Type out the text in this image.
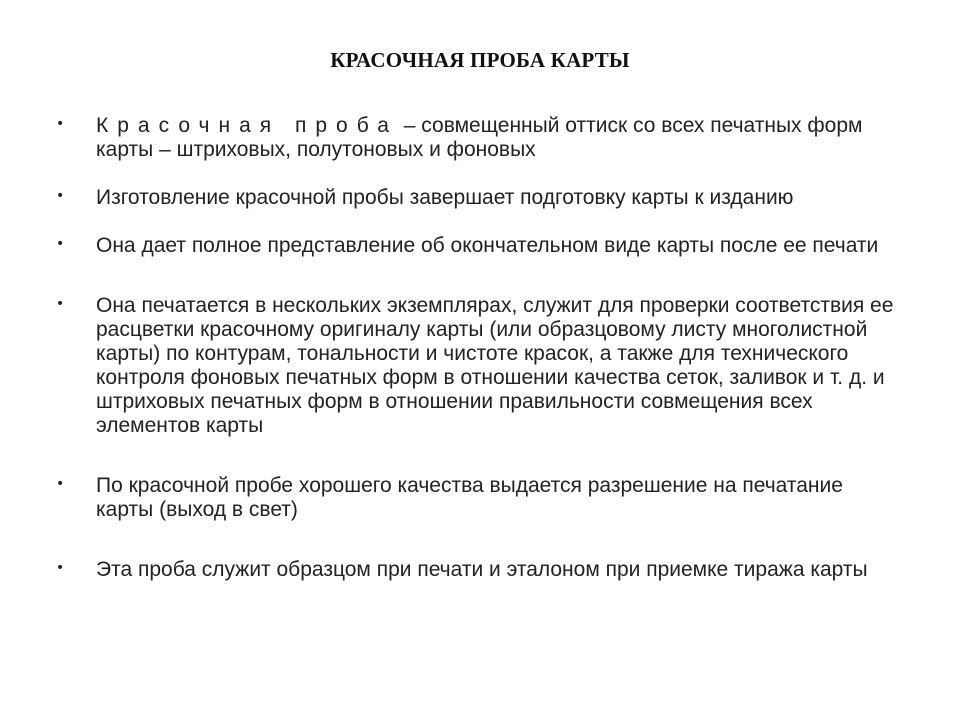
КРАСОЧНАЯ ПРОБА КАРТЫ
• Красочная проба – совмещенный оттиск со всех печатных форм карты – штриховых, полутоновых и фоновых
• Изготовление красочной пробы завершает подготовку карты к изданию
• Она дает полное представление об окончательном виде карты после ее печати
• Она печатается в нескольких экземплярах, служит для проверки соответствия ее расцветки красочному оригиналу карты (или образцовому листу многолистной карты) по контурам, тональности и чистоте красок, а также для технического контроля фоновых печатных форм в отношении качества сеток, заливок и т. д. и штриховых печатных форм в отношении правильности совмещения всех элементов карты
• По красочной пробе хорошего качества выдается разрешение на печатание карты (выход в свет)
• Эта проба служит образцом при печати и эталоном при приемке тиража карты
